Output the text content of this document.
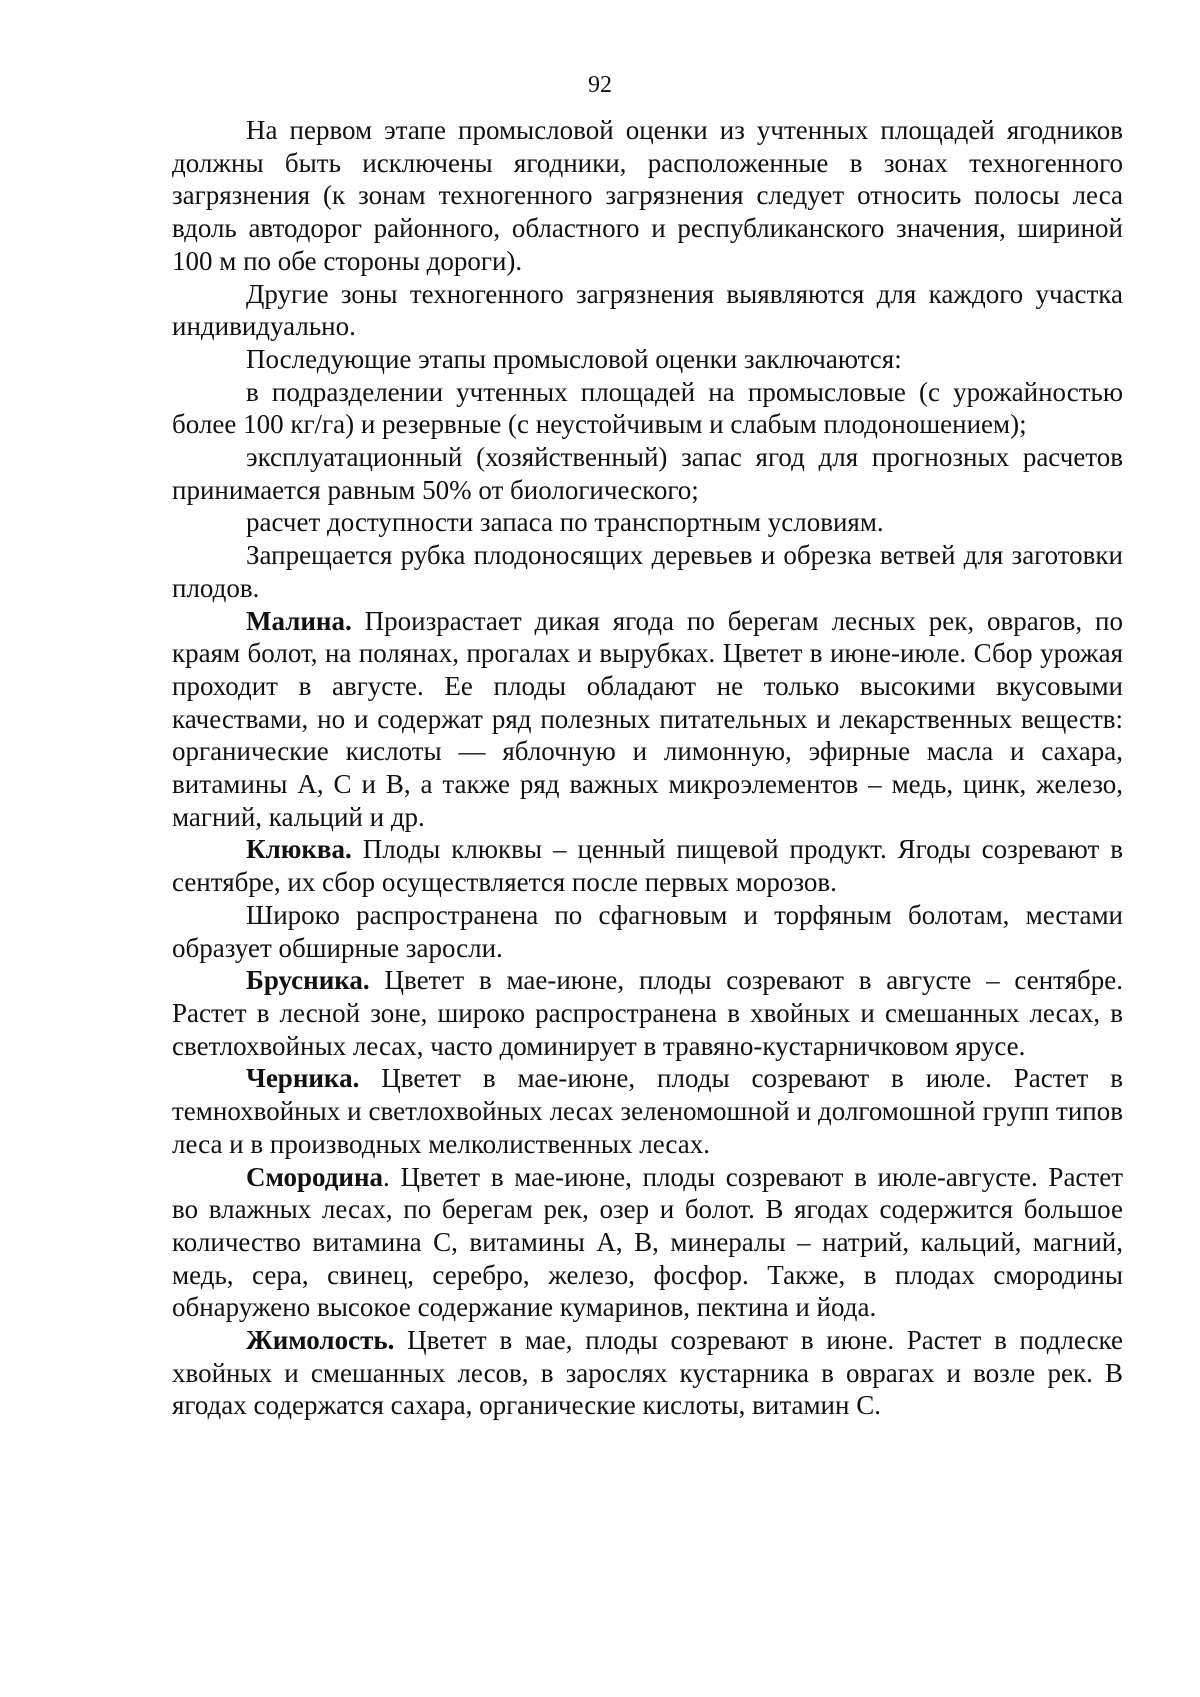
92

На первом этапе промысловой оценки из учтенных площадей ягодников должны быть исключены ягодники, расположенные в зонах техногенного загрязнения (к зонам техногенного загрязнения следует относить полосы леса вдоль автодорог районного, областного и республиканского значения, шириной 100 м по обе стороны дороги).

Другие зоны техногенного загрязнения выявляются для каждого участка индивидуально.

Последующие этапы промысловой оценки заключаются:

в подразделении учтенных площадей на промысловые (с урожайностью более 100 кг/га) и резервные (с неустойчивым и слабым плодоношением);

эксплуатационный (хозяйственный) запас ягод для прогнозных расчетов принимается равным 50% от биологического;

расчет доступности запаса по транспортным условиям.

Запрещается рубка плодоносящих деревьев и обрезка ветвей для заготовки плодов.

Малина. Произрастает дикая ягода по берегам лесных рек, оврагов, по краям болот, на полянах, прогалах и вырубках. Цветет в июне-июле. Сбор урожая проходит в августе. Ее плоды обладают не только высокими вкусовыми качествами, но и содержат ряд полезных питательных и лекарственных веществ: органические кислоты — яблочную и лимонную, эфирные масла и сахара, витамины А, С и В, а также ряд важных микроэлементов – медь, цинк, железо, магний, кальций и др.

Клюква. Плоды клюквы – ценный пищевой продукт. Ягоды созревают в сентябре, их сбор осуществляется после первых морозов.

Широко распространена по сфагновым и торфяным болотам, местами образует обширные заросли.

Брусника. Цветет в мае-июне, плоды созревают в августе – сентябре. Растет в лесной зоне, широко распространена в хвойных и смешанных лесах, в светлохвойных лесах, часто доминирует в травяно-кустарничковом ярусе.

Черника. Цветет в мае-июне, плоды созревают в июле. Растет в темнохвойных и светлохвойных лесах зеленомошной и долгомошной групп типов леса и в производных мелколиственных лесах.

Смородина. Цветет в мае-июне, плоды созревают в июле-августе. Растет во влажных лесах, по берегам рек, озер и болот. В ягодах содержится большое количество витамина С, витамины А, В, минералы – натрий, кальций, магний, медь, сера, свинец, серебро, железо, фосфор. Также, в плодах смородины обнаружено высокое содержание кумаринов, пектина и йода.

Жимолость. Цветет в мае, плоды созревают в июне. Растет в подлеске хвойных и смешанных лесов, в зарослях кустарника в оврагах и возле рек. В ягодах содержатся сахара, органические кислоты, витамин С.
